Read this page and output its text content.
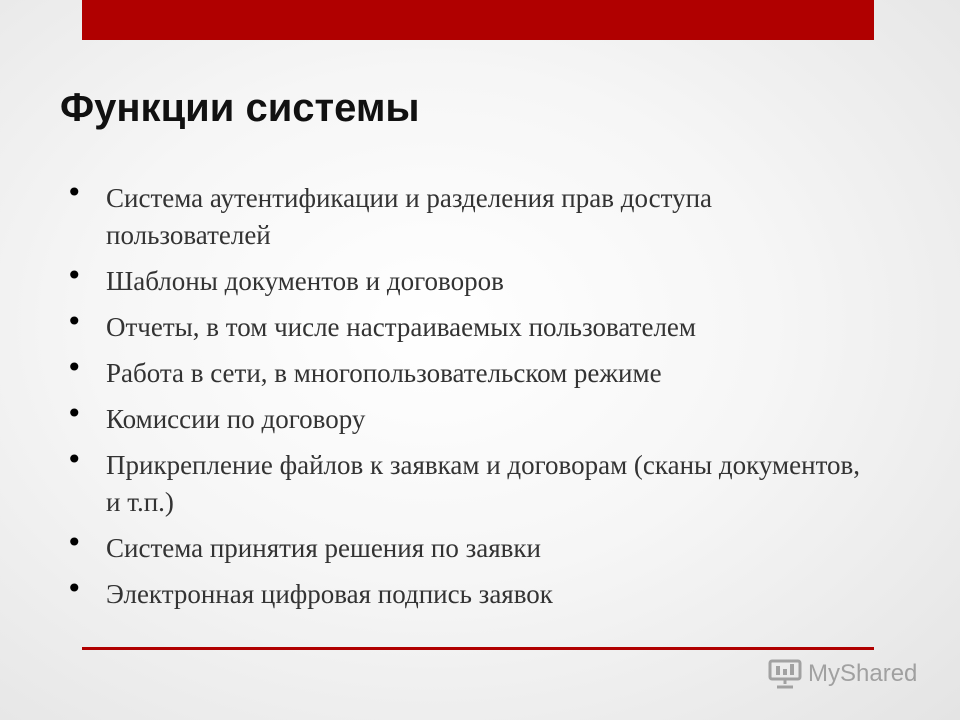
Функции системы
• Система аутентификации и разделения прав доступа пользователей
• Шаблоны документов и договоров
• Отчеты, в том числе настраиваемых пользователем
• Работа в сети, в многопользовательском режиме
• Комиссии по договору
• Прикрепление файлов к заявкам и договорам (сканы документов, и т.п.)
• Система принятия решения по заявки
• Электронная цифровая подпись заявок
MyShared
